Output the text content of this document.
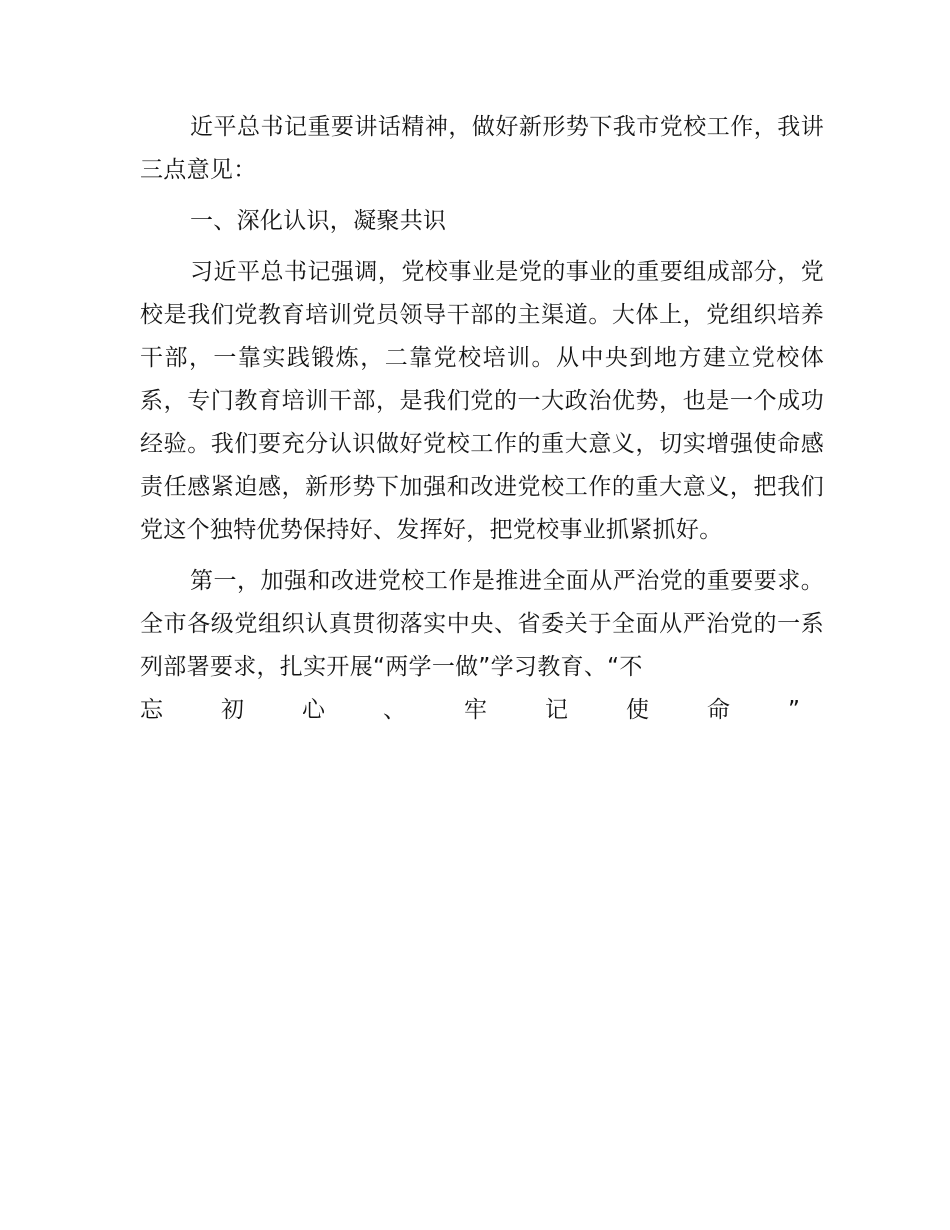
近平总书记重要讲话精神，做好新形势下我市党校工作，我讲三点意见：

一、深化认识，凝聚共识

习近平总书记强调，党校事业是党的事业的重要组成部分，党校是我们党教育培训党员领导干部的主渠道。大体上，党组织培养干部，一靠实践锻炼，二靠党校培训。从中央到地方建立党校体系，专门教育培训干部，是我们党的一大政治优势，也是一个成功经验。我们要充分认识做好党校工作的重大意义，切实增强使命感责任感紧迫感，新形势下加强和改进党校工作的重大意义，把我们党这个独特优势保持好、发挥好，把党校事业抓紧抓好。

第一，加强和改进党校工作是推进全面从严治党的重要要求。全市各级党组织认真贯彻落实中央、省委关于全面从严治党的一系列部署要求，扎实开展“两学一做”学习教育、“不

忘	初	心	、	牢	记	使	命	”
